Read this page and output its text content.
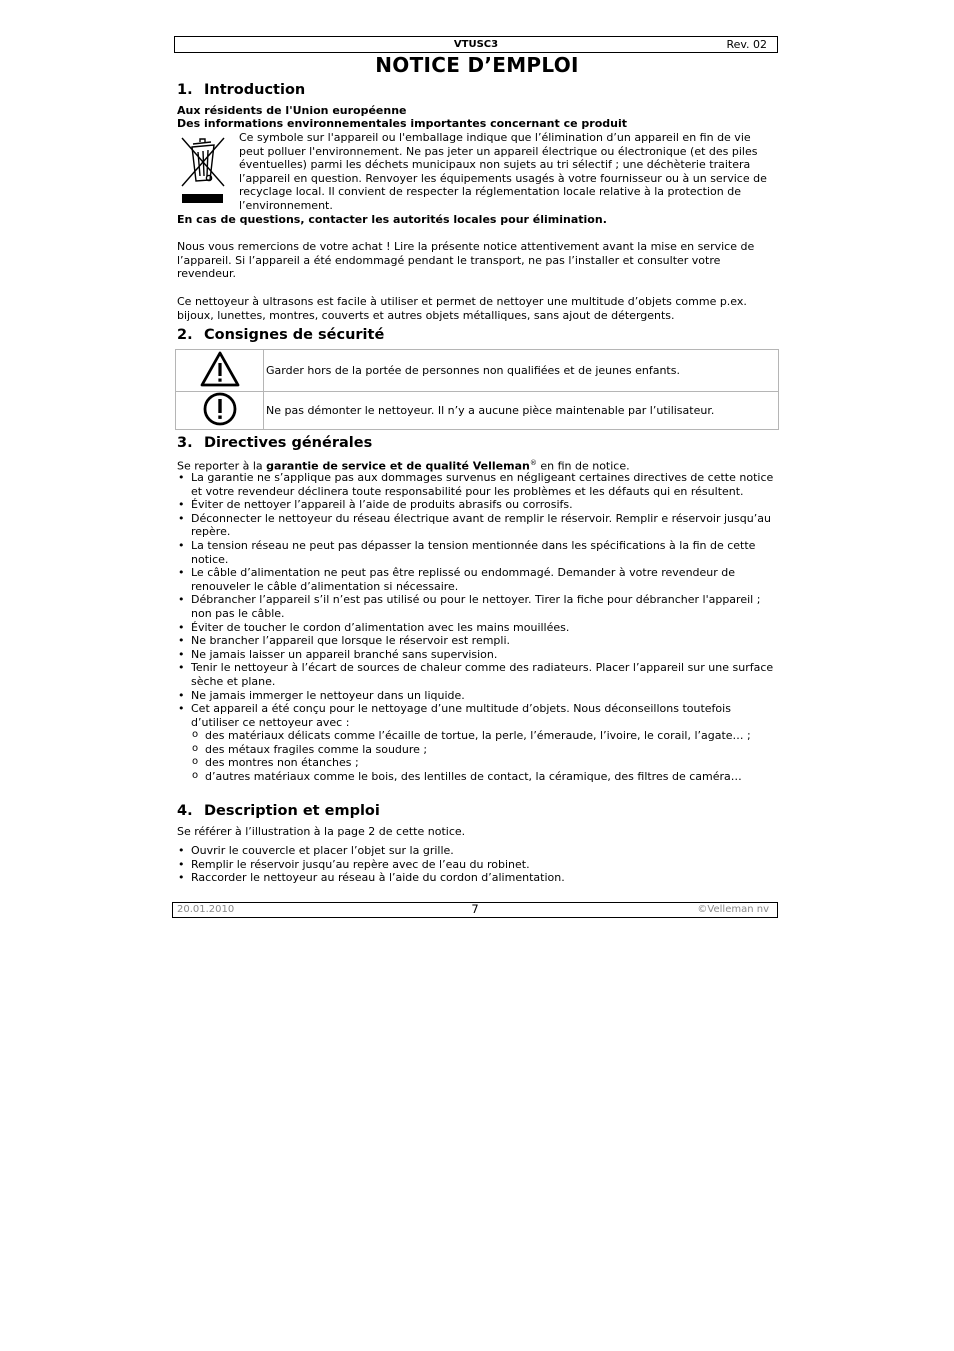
VTUSC3	Rev. 02
NOTICE D’EMPLOI
1. Introduction

Aux résidents de l'Union européenne

Des informations environnementales importantes concernant ce produit

Ce symbole sur l'appareil ou l'emballage indique que l’élimination d’un appareil en fin de vie peut polluer l'environnement. Ne pas jeter un appareil électrique ou électronique (et des piles éventuelles) parmi les déchets municipaux non sujets au tri sélectif ; une déchèterie traitera l’appareil en question. Renvoyer les équipements usagés à votre fournisseur ou à un service de recyclage local. Il convient de respecter la réglementation locale relative à la protection de l’environnement.

En cas de questions, contacter les autorités locales pour élimination.

Nous vous remercions de votre achat ! Lire la présente notice attentivement avant la mise en service de l’appareil. Si l’appareil a été endommagé pendant le transport, ne pas l’installer et consulter votre revendeur.

Ce nettoyeur à ultrasons est facile à utiliser et permet de nettoyer une multitude d’objets comme p.ex. bijoux, lunettes, montres, couverts et autres objets métalliques, sans ajout de détergents.

2. Consignes de sécurité
	Garder hors de la portée de personnes non qualifiées et de jeunes enfants.
	Ne pas démonter le nettoyeur. Il n’y a aucune pièce maintenable par l’utilisateur.
3. Directives générales

Se reporter à la garantie de service et de qualité Velleman® en fin de notice.

• La garantie ne s’applique pas aux dommages survenus en négligeant certaines directives de cette notice et votre revendeur déclinera toute responsabilité pour les problèmes et les défauts qui en résultent.
• Éviter de nettoyer l’appareil à l’aide de produits abrasifs ou corrosifs.
• Déconnecter le nettoyeur du réseau électrique avant de remplir le réservoir. Remplir e réservoir jusqu’au repère.
• La tension réseau ne peut pas dépasser la tension mentionnée dans les spécifications à la fin de cette notice.
• Le câble d’alimentation ne peut pas être replissé ou endommagé. Demander à votre revendeur de renouveler le câble d’alimentation si nécessaire.
• Débrancher l’appareil s’il n’est pas utilisé ou pour le nettoyer. Tirer la fiche pour débrancher l'appareil ; non pas le câble.
• Éviter de toucher le cordon d’alimentation avec les mains mouillées.
• Ne brancher l’appareil que lorsque le réservoir est rempli.
• Ne jamais laisser un appareil branché sans supervision.
• Tenir le nettoyeur à l’écart de sources de chaleur comme des radiateurs. Placer l’appareil sur une surface sèche et plane.
• Ne jamais immerger le nettoyeur dans un liquide.
• Cet appareil a été conçu pour le nettoyage d’une multitude d’objets. Nous déconseillons toutefois d’utiliser ce nettoyeur avec :
o des matériaux délicats comme l’écaille de tortue, la perle, l’émeraude, l’ivoire, le corail, l’agate… ;
o des métaux fragiles comme la soudure ;
o des montres non étanches ;
o d’autres matériaux comme le bois, des lentilles de contact, la céramique, des filtres de caméra…
4. Description et emploi

Se référer à l’illustration à la page 2 de cette notice.

• Ouvrir le couvercle et placer l’objet sur la grille.
• Remplir le réservoir jusqu’au repère avec de l’eau du robinet.
• Raccorder le nettoyeur au réseau à l’aide du cordon d’alimentation.
20.01.2010	7	©Velleman nv
